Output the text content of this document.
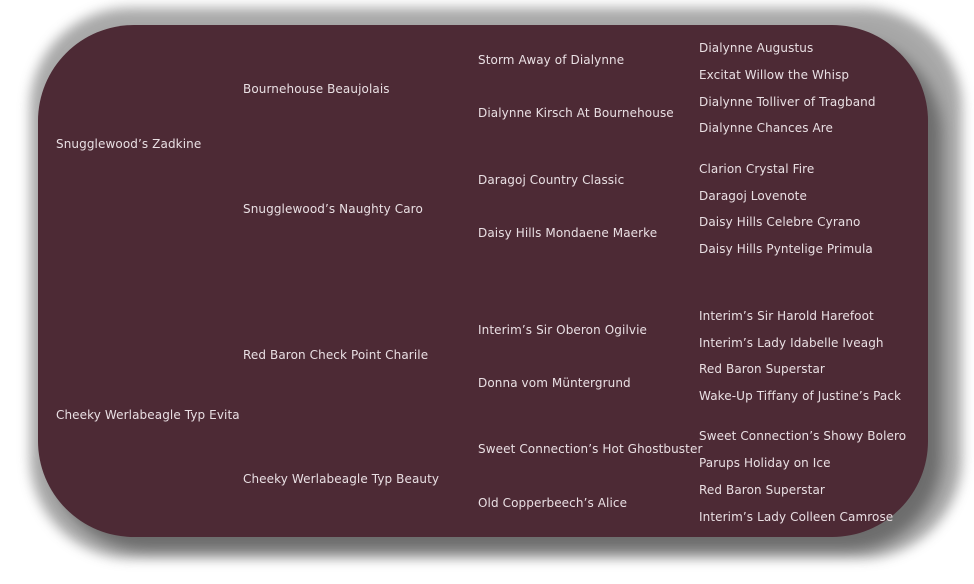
Snugglewood’s Zadkine
Cheeky Werlabeagle Typ Evita
Bournehouse Beaujolais
Snugglewood’s Naughty Caro
Red Baron Check Point Charile
Cheeky Werlabeagle Typ Beauty
Storm Away of Dialynne
Dialynne Kirsch At Bournehouse
Daragoj Country Classic
Daisy Hills Mondaene Maerke
Interim’s Sir Oberon Ogilvie
Donna vom Müntergrund
Sweet Connection’s Hot Ghostbuster
Old Copperbeech’s Alice
Dialynne Augustus
Excitat Willow the Whisp
Dialynne Tolliver of Tragband
Dialynne Chances Are
Clarion Crystal Fire
Daragoj Lovenote
Daisy Hills Celebre Cyrano
Daisy Hills Pyntelige Primula
Interim’s Sir Harold Harefoot
Interim’s Lady Idabelle Iveagh
Red Baron Superstar
Wake-Up Tiffany of Justine’s Pack
Sweet Connection’s Showy Bolero
Parups Holiday on Ice
Red Baron Superstar
Interim’s Lady Colleen Camrose
